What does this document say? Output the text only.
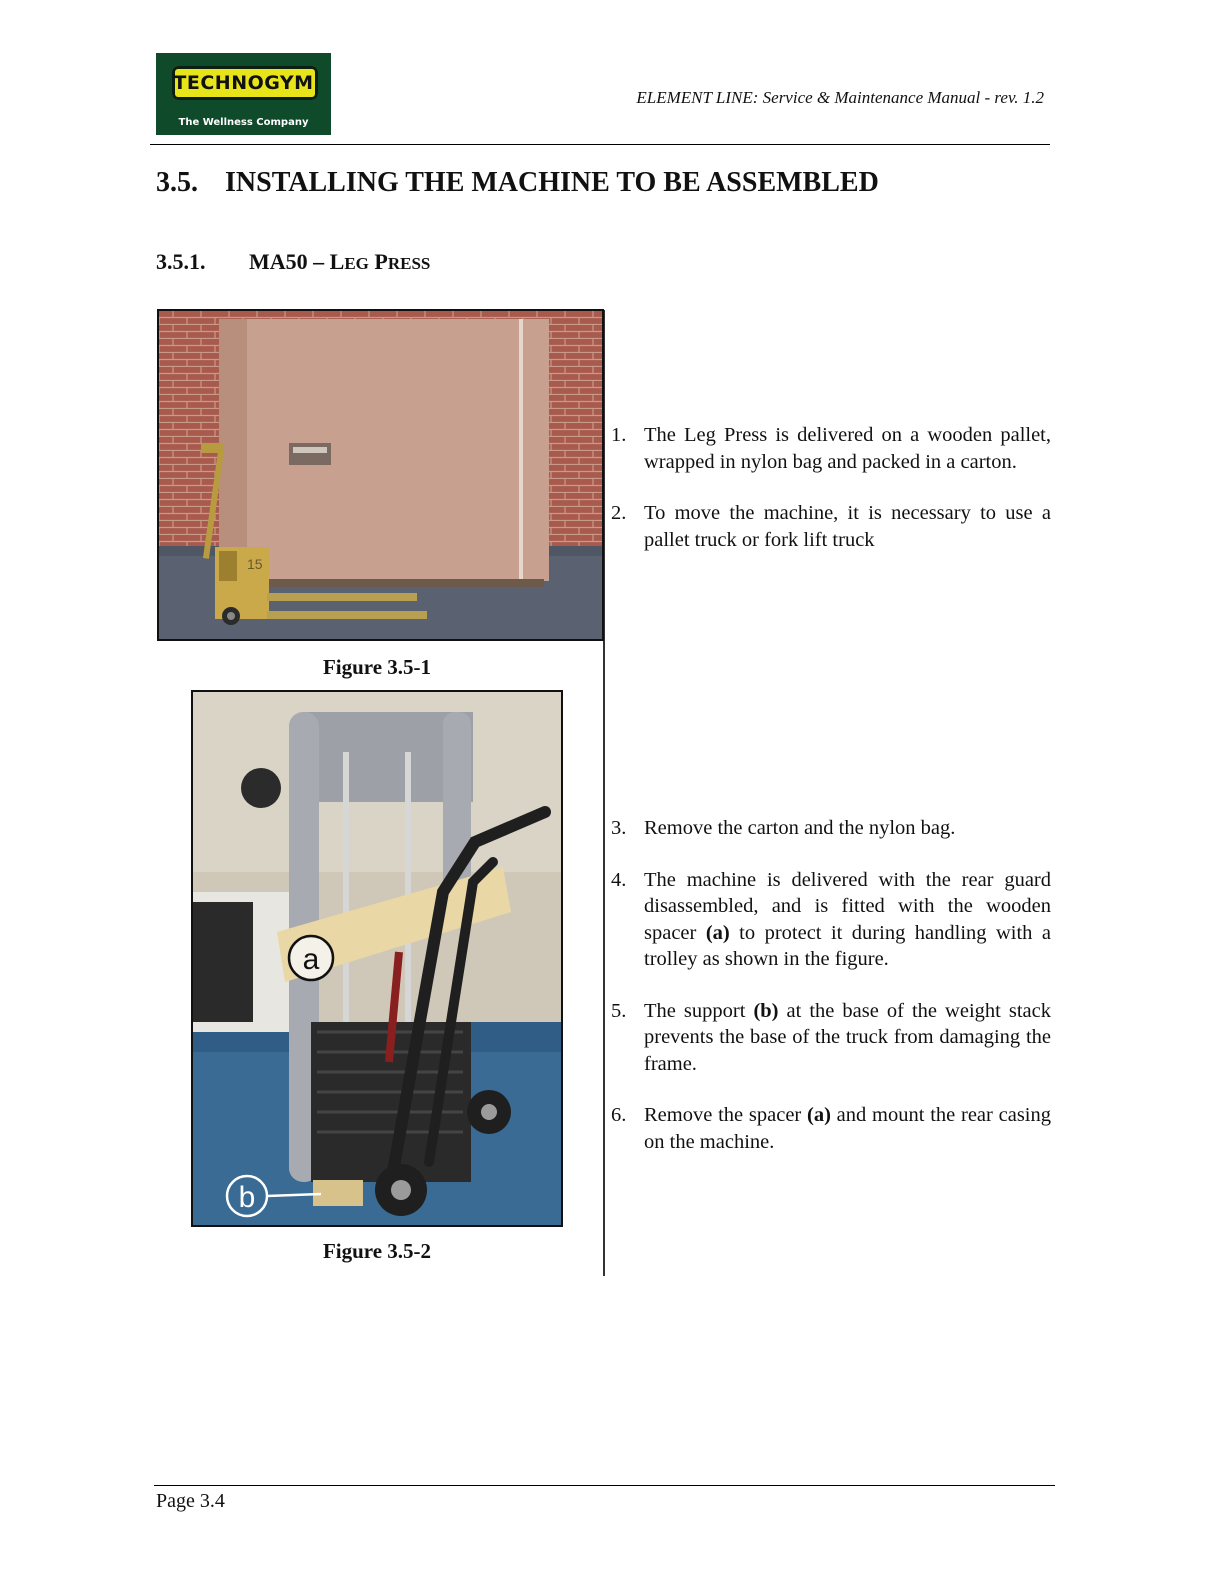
TECHNOGYM
The Wellness Company
ELEMENT LINE: Service & Maintenance Manual - rev. 1.2
3.5. INSTALLING THE MACHINE TO BE ASSEMBLED
3.5.1. MA50 – LEG PRESS
15
Figure 3.5-1
a
b
Figure 3.5-2
1. The Leg Press is delivered on a wooden pallet, wrapped in nylon bag and packed in a carton.
2. To move the machine, it is necessary to use a pallet truck or fork lift truck
3. Remove the carton and the nylon bag.
4. The machine is delivered with the rear guard disassembled, and is fitted with the wooden spacer (a) to protect it during handling with a trolley as shown in the figure.
5. The support (b) at the base of the weight stack prevents the base of the truck from damaging the frame.
6. Remove the spacer (a) and mount the rear casing on the machine.
Page 3.4
